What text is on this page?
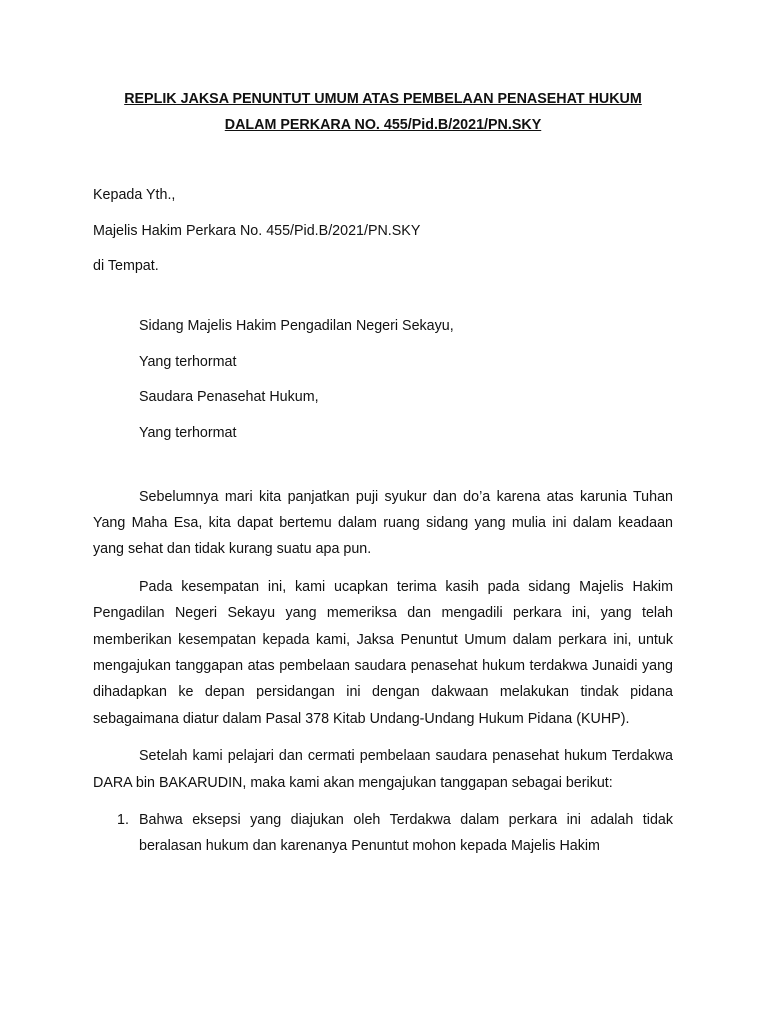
REPLIK JAKSA PENUNTUT UMUM ATAS PEMBELAAN PENASEHAT HUKUM
DALAM PERKARA NO. 455/Pid.B/2021/PN.SKY

Kepada Yth.,

Majelis Hakim Perkara No. 455/Pid.B/2021/PN.SKY

di Tempat.

Sidang Majelis Hakim Pengadilan Negeri Sekayu,

Yang terhormat

Saudara Penasehat Hukum,

Yang terhormat

Sebelumnya mari kita panjatkan puji syukur dan do’a karena atas karunia Tuhan Yang Maha Esa, kita dapat bertemu dalam ruang sidang yang mulia ini dalam keadaan yang sehat dan tidak kurang suatu apa pun.

Pada kesempatan ini, kami ucapkan terima kasih pada sidang Majelis Hakim Pengadilan Negeri Sekayu yang memeriksa dan mengadili perkara ini, yang telah memberikan kesempatan kepada kami, Jaksa Penuntut Umum dalam perkara ini, untuk mengajukan tanggapan atas pembelaan saudara penasehat hukum terdakwa Junaidi yang dihadapkan ke depan persidangan ini dengan dakwaan melakukan tindak pidana sebagaimana diatur dalam Pasal 378 Kitab Undang-Undang Hukum Pidana (KUHP).

Setelah kami pelajari dan cermati pembelaan saudara penasehat hukum Terdakwa DARA bin BAKARUDIN, maka kami akan mengajukan tanggapan sebagai berikut:

1. Bahwa eksepsi yang diajukan oleh Terdakwa dalam perkara ini adalah tidak beralasan hukum dan karenanya Penuntut mohon kepada Majelis Hakim
